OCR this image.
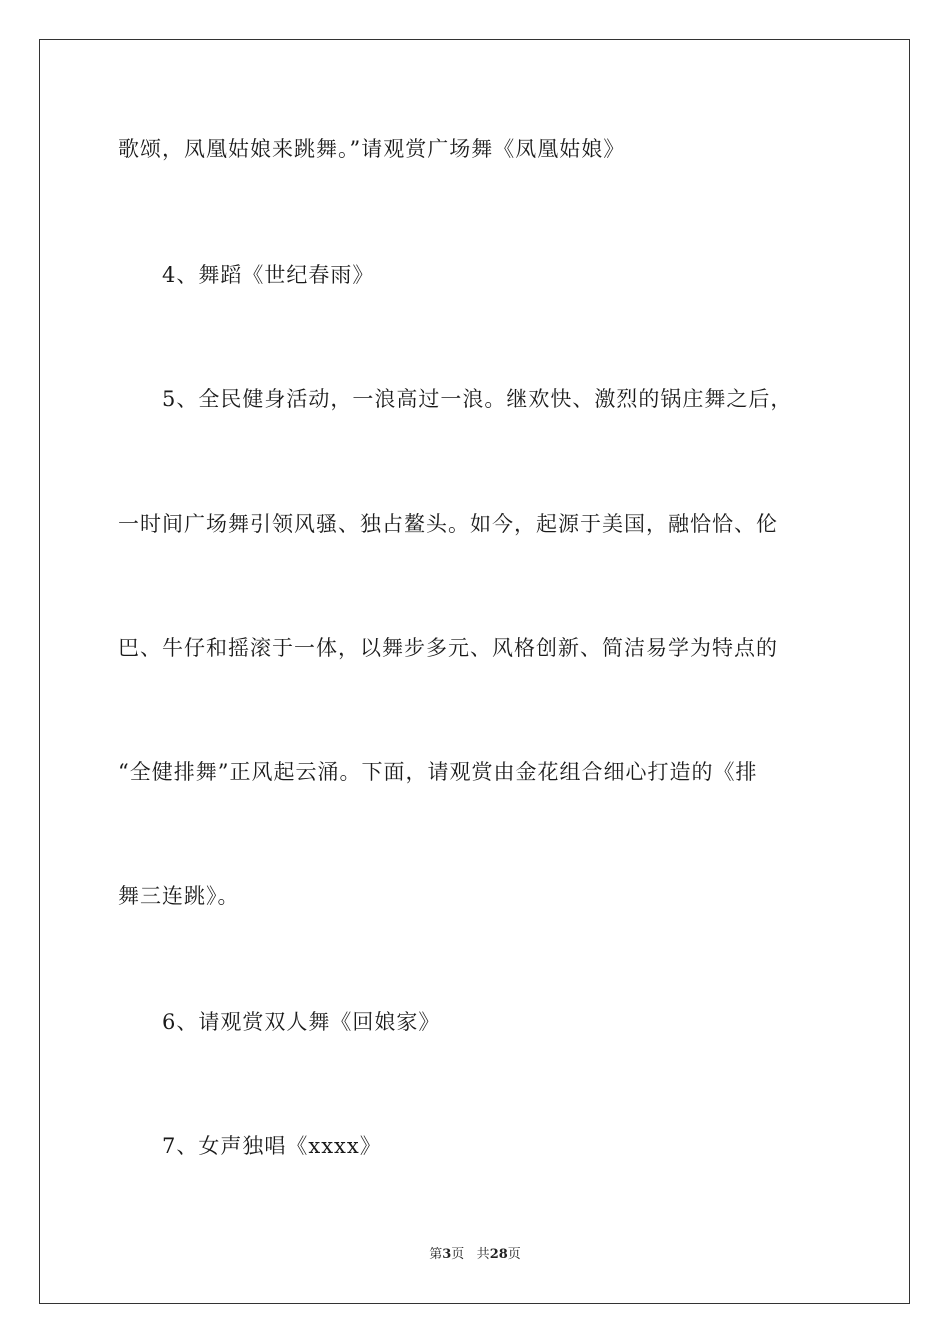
歌颂，凤凰姑娘来跳舞。”请观赏广场舞《凤凰姑娘》
4、舞蹈《世纪春雨》
5、全民健身活动，一浪高过一浪。继欢快、激烈的锅庄舞之后，
一时间广场舞引领风骚、独占鳌头。如今，起源于美国，融恰恰、伦
巴、牛仔和摇滚于一体，以舞步多元、风格创新、简洁易学为特点的
“全健排舞”正风起云涌。下面，请观赏由金花组合细心打造的《排
舞三连跳》。
6、请观赏双人舞《回娘家》
7、女声独唱《xxxx》
第3页 共28页
